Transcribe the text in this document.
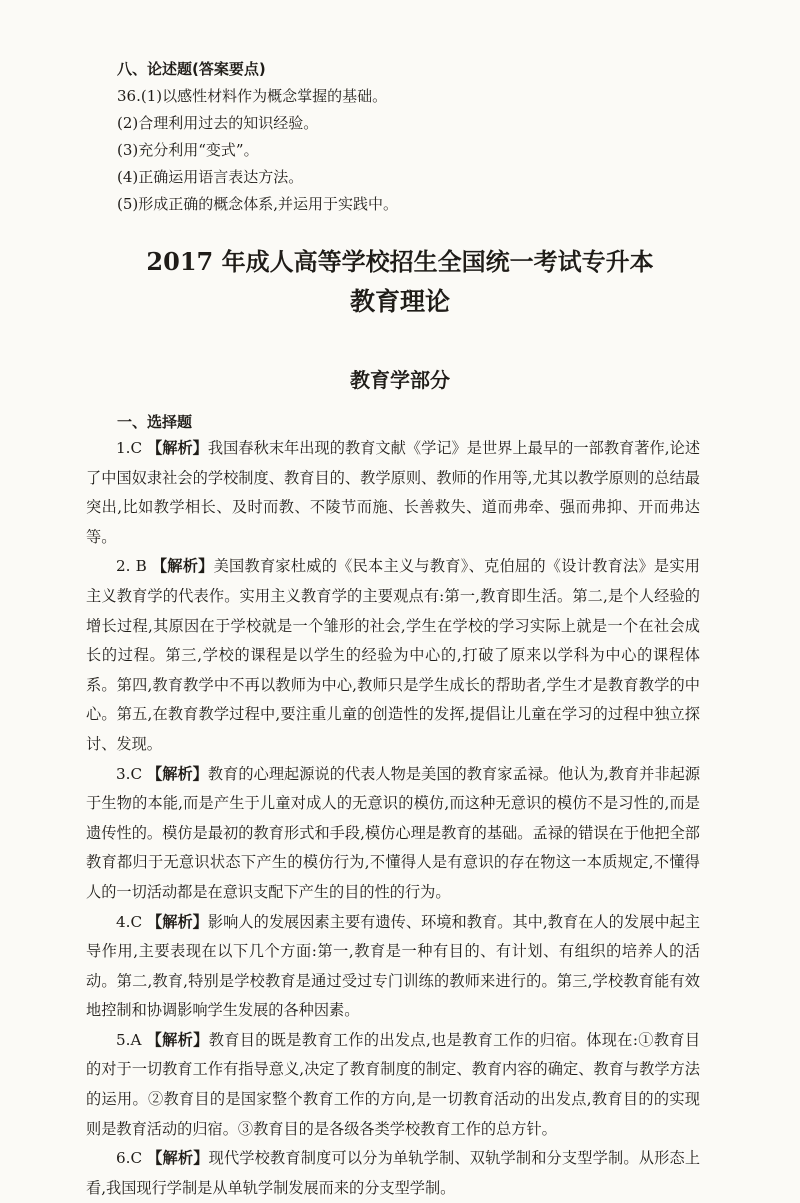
八、论述题(答案要点)
36.(1)以感性材料作为概念掌握的基础。
(2)合理利用过去的知识经验。
(3)充分利用“变式”。
(4)正确运用语言表达方法。
(5)形成正确的概念体系,并运用于实践中。
2017 年成人高等学校招生全国统一考试专升本
教育理论
教育学部分
一、选择题

1.C 【解析】我国春秋末年出现的教育文献《学记》是世界上最早的一部教育著作,论述了中国奴隶社会的学校制度、教育目的、教学原则、教师的作用等,尤其以教学原则的总结最突出,比如教学相长、及时而教、不陵节而施、长善救失、道而弗牵、强而弗抑、开而弗达等。

2. B 【解析】美国教育家杜威的《民本主义与教育》、克伯屈的《设计教育法》是实用主义教育学的代表作。实用主义教育学的主要观点有:第一,教育即生活。第二,是个人经验的增长过程,其原因在于学校就是一个雏形的社会,学生在学校的学习实际上就是一个在社会成长的过程。第三,学校的课程是以学生的经验为中心的,打破了原来以学科为中心的课程体系。第四,教育教学中不再以教师为中心,教师只是学生成长的帮助者,学生才是教育教学的中心。第五,在教育教学过程中,要注重儿童的创造性的发挥,提倡让儿童在学习的过程中独立探讨、发现。

3.C 【解析】教育的心理起源说的代表人物是美国的教育家孟禄。他认为,教育并非起源于生物的本能,而是产生于儿童对成人的无意识的模仿,而这种无意识的模仿不是习性的,而是遗传性的。模仿是最初的教育形式和手段,模仿心理是教育的基础。孟禄的错误在于他把全部教育都归于无意识状态下产生的模仿行为,不懂得人是有意识的存在物这一本质规定,不懂得人的一切活动都是在意识支配下产生的目的性的行为。

4.C 【解析】影响人的发展因素主要有遗传、环境和教育。其中,教育在人的发展中起主导作用,主要表现在以下几个方面:第一,教育是一种有目的、有计划、有组织的培养人的活动。第二,教育,特别是学校教育是通过受过专门训练的教师来进行的。第三,学校教育能有效地控制和协调影响学生发展的各种因素。

5.A 【解析】教育目的既是教育工作的出发点,也是教育工作的归宿。体现在:①教育目的对于一切教育工作有指导意义,决定了教育制度的制定、教育内容的确定、教育与教学方法的运用。②教育目的是国家整个教育工作的方向,是一切教育活动的出发点,教育目的的实现则是教育活动的归宿。③教育目的是各级各类学校教育工作的总方针。

6.C 【解析】现代学校教育制度可以分为单轨学制、双轨学制和分支型学制。从形态上看,我国现行学制是从单轨学制发展而来的分支型学制。
